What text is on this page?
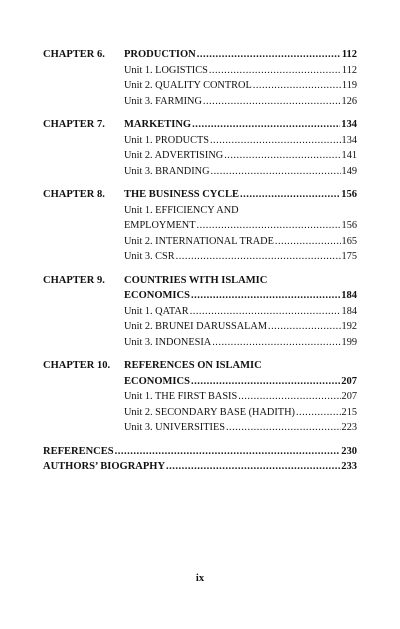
CHAPTER 6.	PRODUCTION .....	112
Unit 1. LOGISTICS .....	112
Unit 2. QUALITY CONTROL .....	119
Unit 3. FARMING .....	126
CHAPTER 7.	MARKETING .....	134
Unit 1. PRODUCTS .....	134
Unit 2. ADVERTISING .....	141
Unit 3. BRANDING .....	149
CHAPTER 8.	THE BUSINESS CYCLE .....	156
Unit 1. EFFICIENCY AND
EMPLOYMENT .....	156
Unit 2. INTERNATIONAL TRADE .....	165
Unit 3. CSR .....	175
CHAPTER 9.	COUNTRIES WITH ISLAMIC
ECONOMICS .....	184
Unit 1. QATAR .....	184
Unit 2. BRUNEI DARUSSALAM .....	192
Unit 3. INDONESIA .....	199
CHAPTER 10.	REFERENCES ON ISLAMIC
ECONOMICS .....	207
Unit 1. THE FIRST BASIS .....	207
Unit 2. SECONDARY BASE (HADITH) .....	215
Unit 3. UNIVERSITIES .....	223
REFERENCES .....	230
AUTHORS’ BIOGRAPHY .....	233
ix
